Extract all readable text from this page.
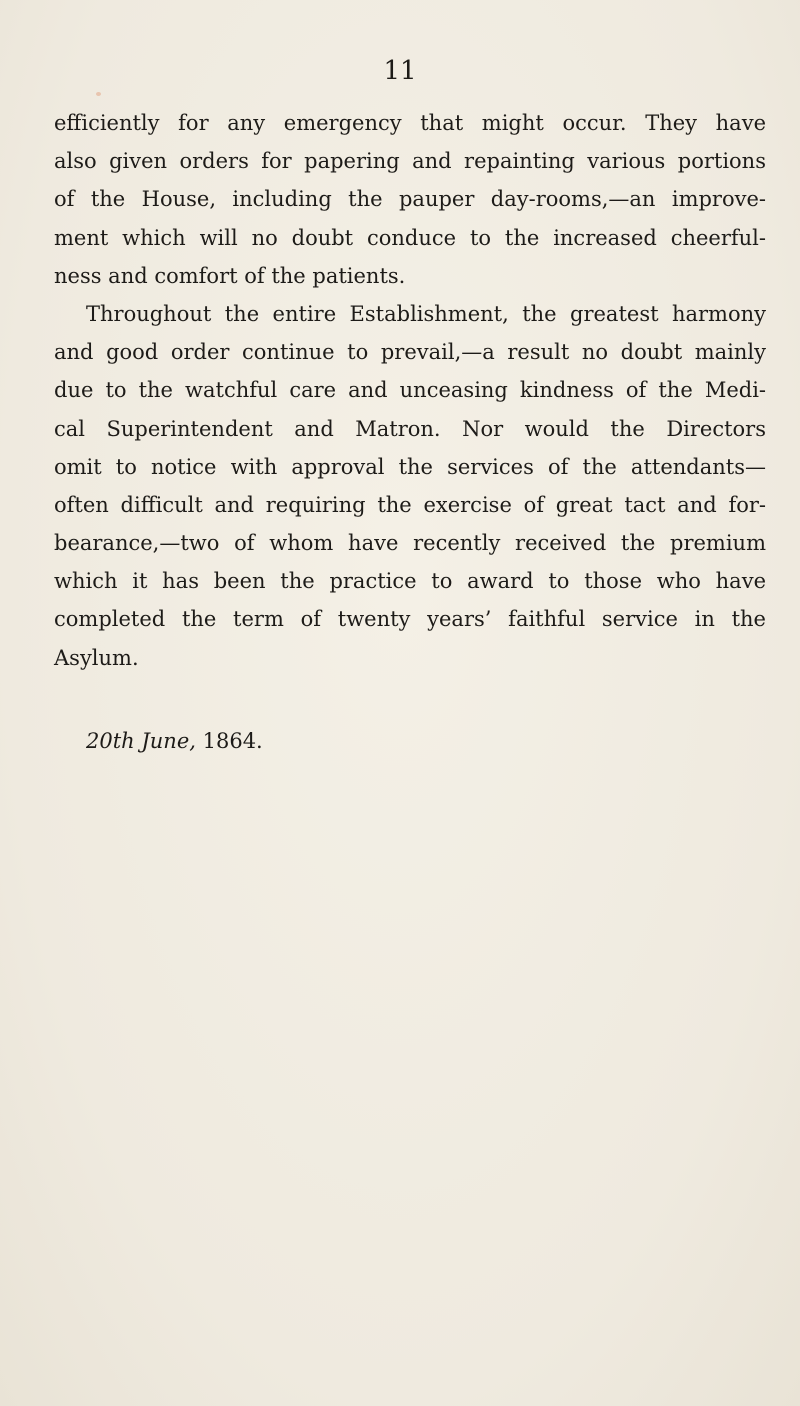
11
efficiently for any emergency that might occur. They have
also given orders for papering and repainting various portions
of the House, including the pauper day-rooms,—an improve-
ment which will no doubt conduce to the increased cheerful-
ness and comfort of the patients.
Throughout the entire Establishment, the greatest harmony
and good order continue to prevail,—a result no doubt mainly
due to the watchful care and unceasing kindness of the Medi-
cal Superintendent and Matron. Nor would the Directors
omit to notice with approval the services of the attendants—
often difficult and requiring the exercise of great tact and for-
bearance,—two of whom have recently received the premium
which it has been the practice to award to those who have
completed the term of twenty years’ faithful service in the
Asylum.
20th June, 1864.
